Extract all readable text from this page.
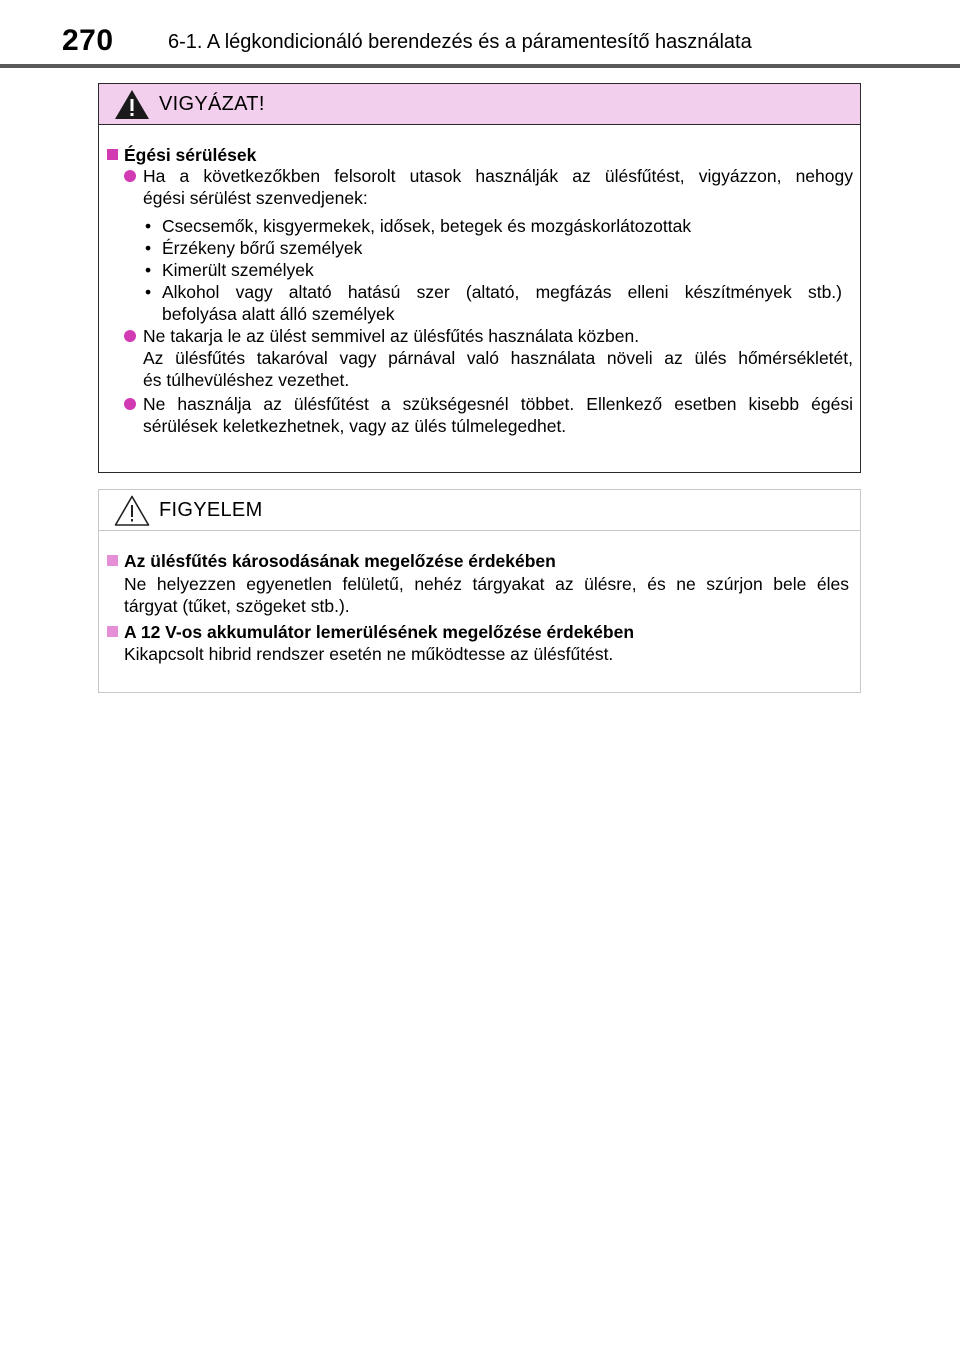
270	6-1. A légkondicionáló berendezés és a páramentesítő használata
VIGYÁZAT!
Égési sérülések
Ha a következőkben felsorolt utasok használják az ülésfűtést, vigyázzon, nehogy
égési sérülést szenvedjenek:
• Csecsemők, kisgyermekek, idősek, betegek és mozgáskorlátozottak
• Érzékeny bőrű személyek
• Kimerült személyek
• Alkohol vagy altató hatású szer (altató, megfázás elleni készítmények stb.)
befolyása alatt álló személyek
Ne takarja le az ülést semmivel az ülésfűtés használata közben.
Az ülésfűtés takaróval vagy párnával való használata növeli az ülés hőmérsékletét,
és túlhevüléshez vezethet.
Ne használja az ülésfűtést a szükségesnél többet. Ellenkező esetben kisebb égési
sérülések keletkezhetnek, vagy az ülés túlmelegedhet.
FIGYELEM
Az ülésfűtés károsodásának megelőzése érdekében
Ne helyezzen egyenetlen felületű, nehéz tárgyakat az ülésre, és ne szúrjon bele éles
tárgyat (tűket, szögeket stb.).
A 12 V-os akkumulátor lemerülésének megelőzése érdekében
Kikapcsolt hibrid rendszer esetén ne működtesse az ülésfűtést.
